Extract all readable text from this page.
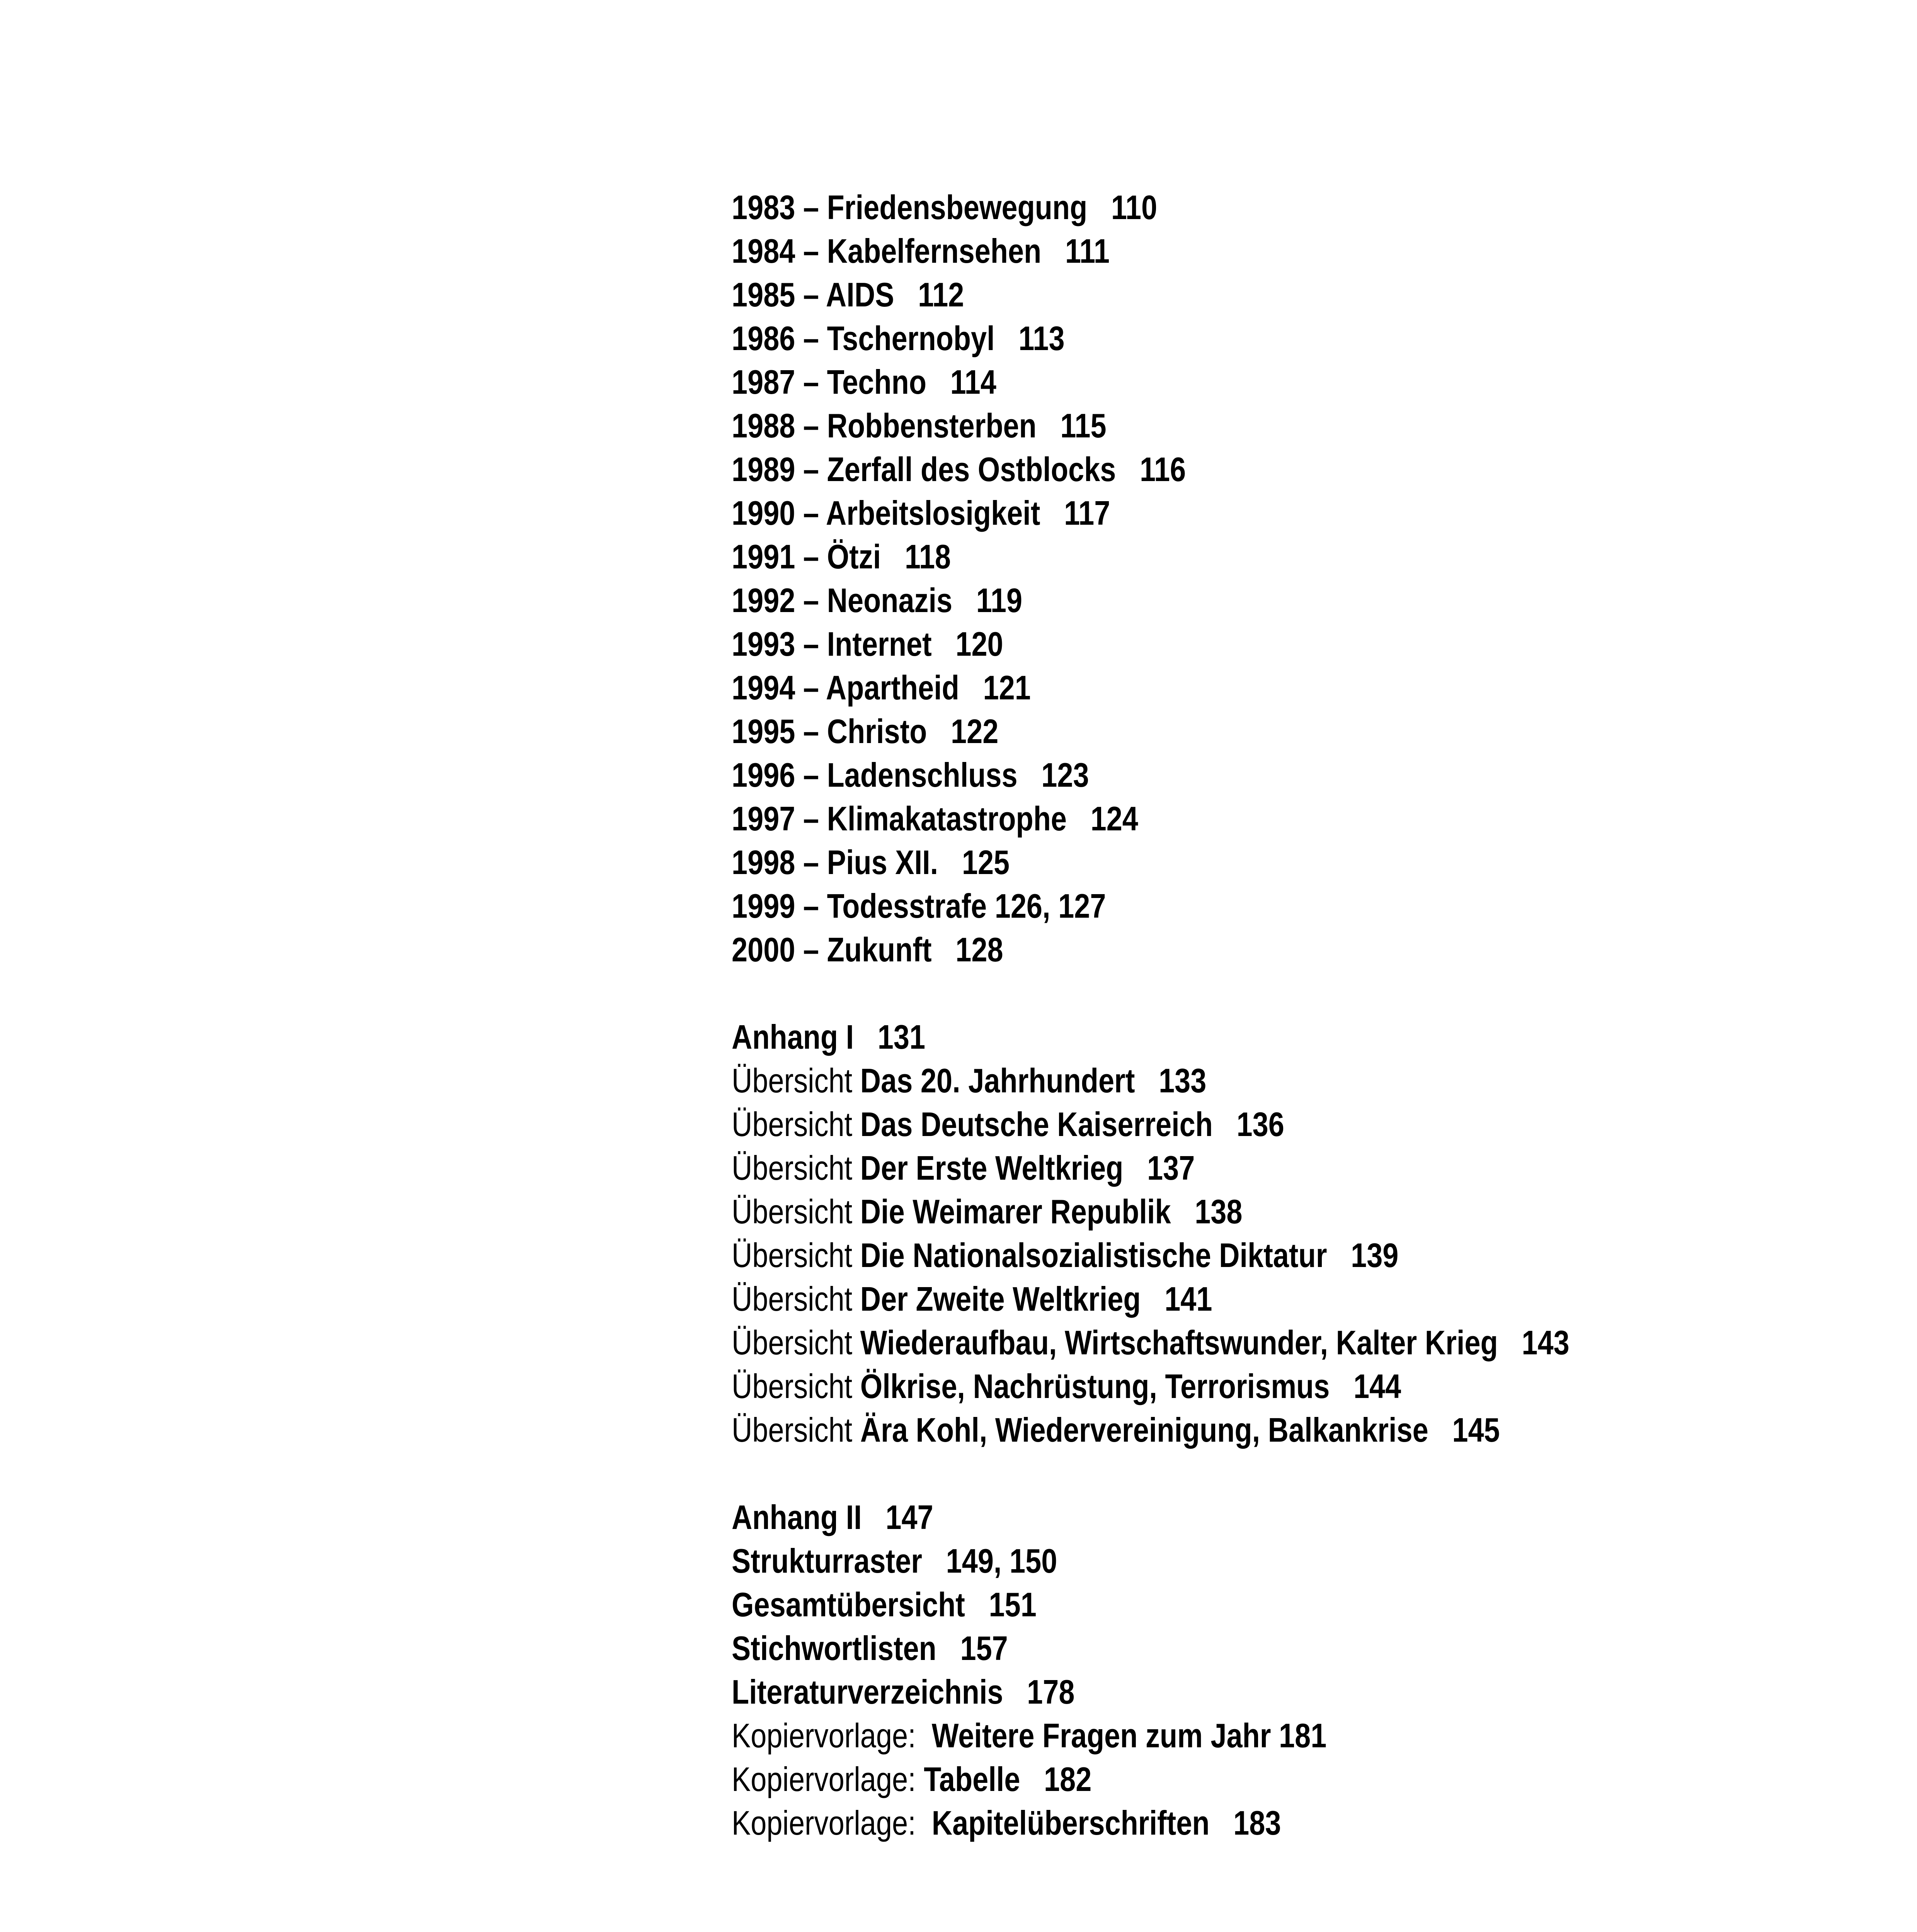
1983 – Friedensbewegung 110
1984 – Kabelfernsehen 111
1985 – AIDS 112
1986 – Tschernobyl 113
1987 – Techno 114
1988 – Robbensterben 115
1989 – Zerfall des Ostblocks 116
1990 – Arbeitslosigkeit 117
1991 – Ötzi 118
1992 – Neonazis 119
1993 – Internet 120
1994 – Apartheid 121
1995 – Christo 122
1996 – Ladenschluss 123
1997 – Klimakatastrophe 124
1998 – Pius XII. 125
1999 – Todesstrafe 126, 127
2000 – Zukunft 128
Anhang I 131
Übersicht Das 20. Jahrhundert 133
Übersicht Das Deutsche Kaiserreich 136
Übersicht Der Erste Weltkrieg 137
Übersicht Die Weimarer Republik 138
Übersicht Die Nationalsozialistische Diktatur 139
Übersicht Der Zweite Weltkrieg 141
Übersicht Wiederaufbau, Wirtschaftswunder, Kalter Krieg 143
Übersicht Ölkrise, Nachrüstung, Terrorismus 144
Übersicht Ära Kohl, Wiedervereinigung, Balkankrise 145
Anhang II 147
Strukturraster 149, 150
Gesamtübersicht 151
Stichwortlisten 157
Literaturverzeichnis 178
Kopiervorlage: Weitere Fragen zum Jahr 181
Kopiervorlage: Tabelle 182
Kopiervorlage: Kapitelüberschriften 183
